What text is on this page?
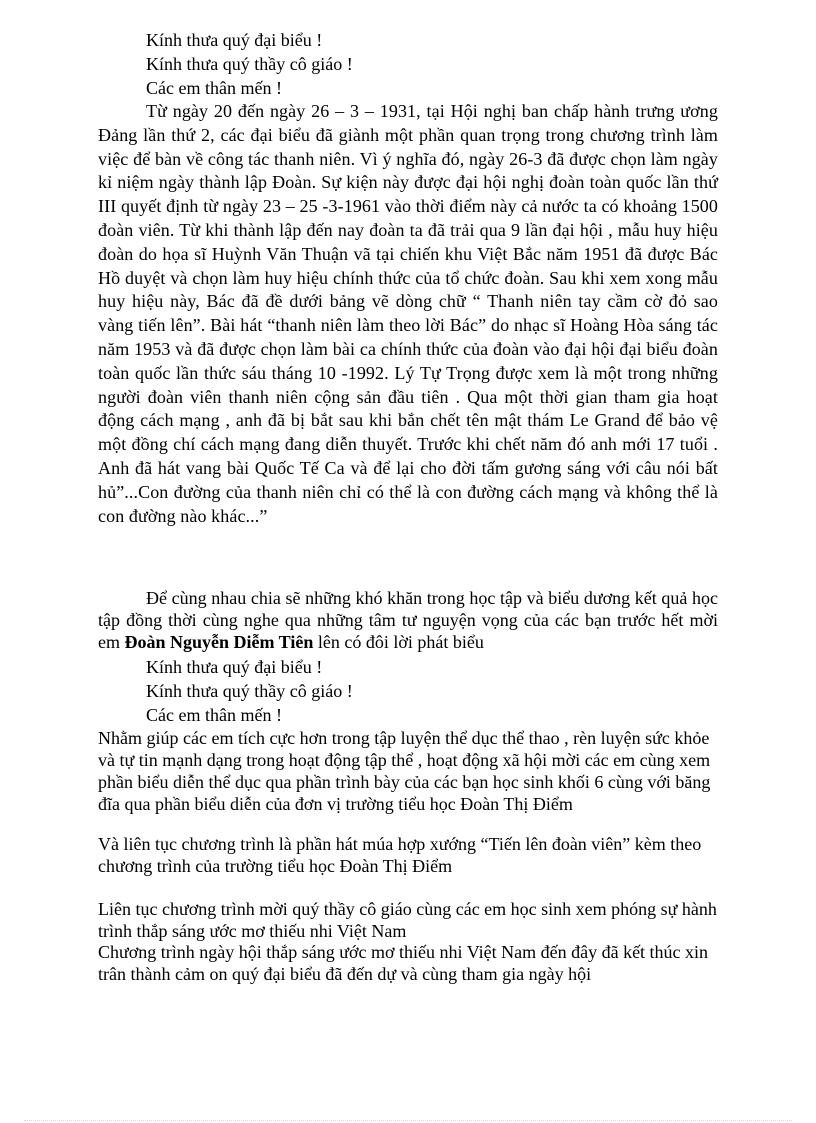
Kính thưa quý đại biểu !
Kính thưa quý thầy cô giáo !
Các em thân mến !

Từ ngày 20 đến ngày 26 – 3 – 1931, tại Hội nghị ban chấp hành trưng ương Đảng lần thứ 2, các đại biểu đã giành một phần quan trọng trong chương trình làm việc để bàn về công tác thanh niên. Vì ý nghĩa đó, ngày 26-3 đã được chọn làm ngày kỉ niệm ngày thành lập Đoàn. Sự kiện này được đại hội nghị đoàn toàn quốc lần thứ III quyết định từ ngày 23 – 25 -3-1961 vào thời điểm này cả nước ta có khoảng 1500 đoàn viên. Từ khi thành lập đến nay đoàn ta đã trải qua 9 lần đại hội , mẫu huy hiệu đoàn do họa sĩ Huỳnh Văn Thuận vã tại chiến khu Việt Bắc năm 1951 đã được Bác Hồ duyệt và chọn làm huy hiệu chính thức của tổ chức đoàn. Sau khi xem xong mẫu huy hiệu này, Bác đã đề dưới bảng vẽ dòng chữ “ Thanh niên tay cầm cờ đỏ sao vàng tiến lên”. Bài hát “thanh niên làm theo lời Bác” do nhạc sĩ Hoàng Hòa sáng tác năm 1953 và đã được chọn làm bài ca chính thức của đoàn vào đại hội đại biểu đoàn toàn quốc lần thức sáu tháng 10 -1992. Lý Tự Trọng được xem là một trong những người đoàn viên thanh niên cộng sản đầu tiên . Qua một thời gian tham gia hoạt động cách mạng , anh đã bị bắt sau khi bắn chết tên mật thám Le Grand để bảo vệ một đồng chí cách mạng đang diễn thuyết. Trước khi chết năm đó anh mới 17 tuổi . Anh đã hát vang bài Quốc Tế Ca và để lại cho đời tấm gương sáng với câu nói bất hủ”...Con đường của thanh niên chỉ có thể là con đường cách mạng và không thể là con đường nào khác...”

Để cùng nhau chia sẽ những khó khăn trong học tập và biểu dương kết quả học tập đồng thời cùng nghe qua những tâm tư nguyện vọng của các bạn trước hết mời em Đoàn Nguyễn Diễm Tiên lên có đôi lời phát biểu

Kính thưa quý đại biểu !
Kính thưa quý thầy cô giáo !
Các em thân mến !

Nhằm giúp các em tích cực hơn trong tập luyện thể dục thể thao , rèn luyện sức khỏe và tự tin mạnh dạng trong hoạt động tập thể , hoạt động xã hội mời các em cùng xem phần biểu diễn thể dục qua phần trình bày của các bạn học sinh khối 6 cùng với băng đĩa qua phần biểu diễn của đơn vị trường tiểu học Đoàn Thị Điểm

Và liên tục chương trình là phần hát múa hợp xướng “Tiến lên đoàn viên” kèm theo chương trình của trường tiểu học Đoàn Thị Điểm

Liên tục chương trình mời quý thầy cô giáo cùng các em học sinh xem phóng sự hành trình thắp sáng ước mơ thiếu nhi Việt Nam

Chương trình ngày hội thắp sáng ước mơ thiếu nhi Việt Nam đến đây đã kết thúc xin trân thành cảm on quý đại biểu đã đến dự và cùng tham gia ngày hội
